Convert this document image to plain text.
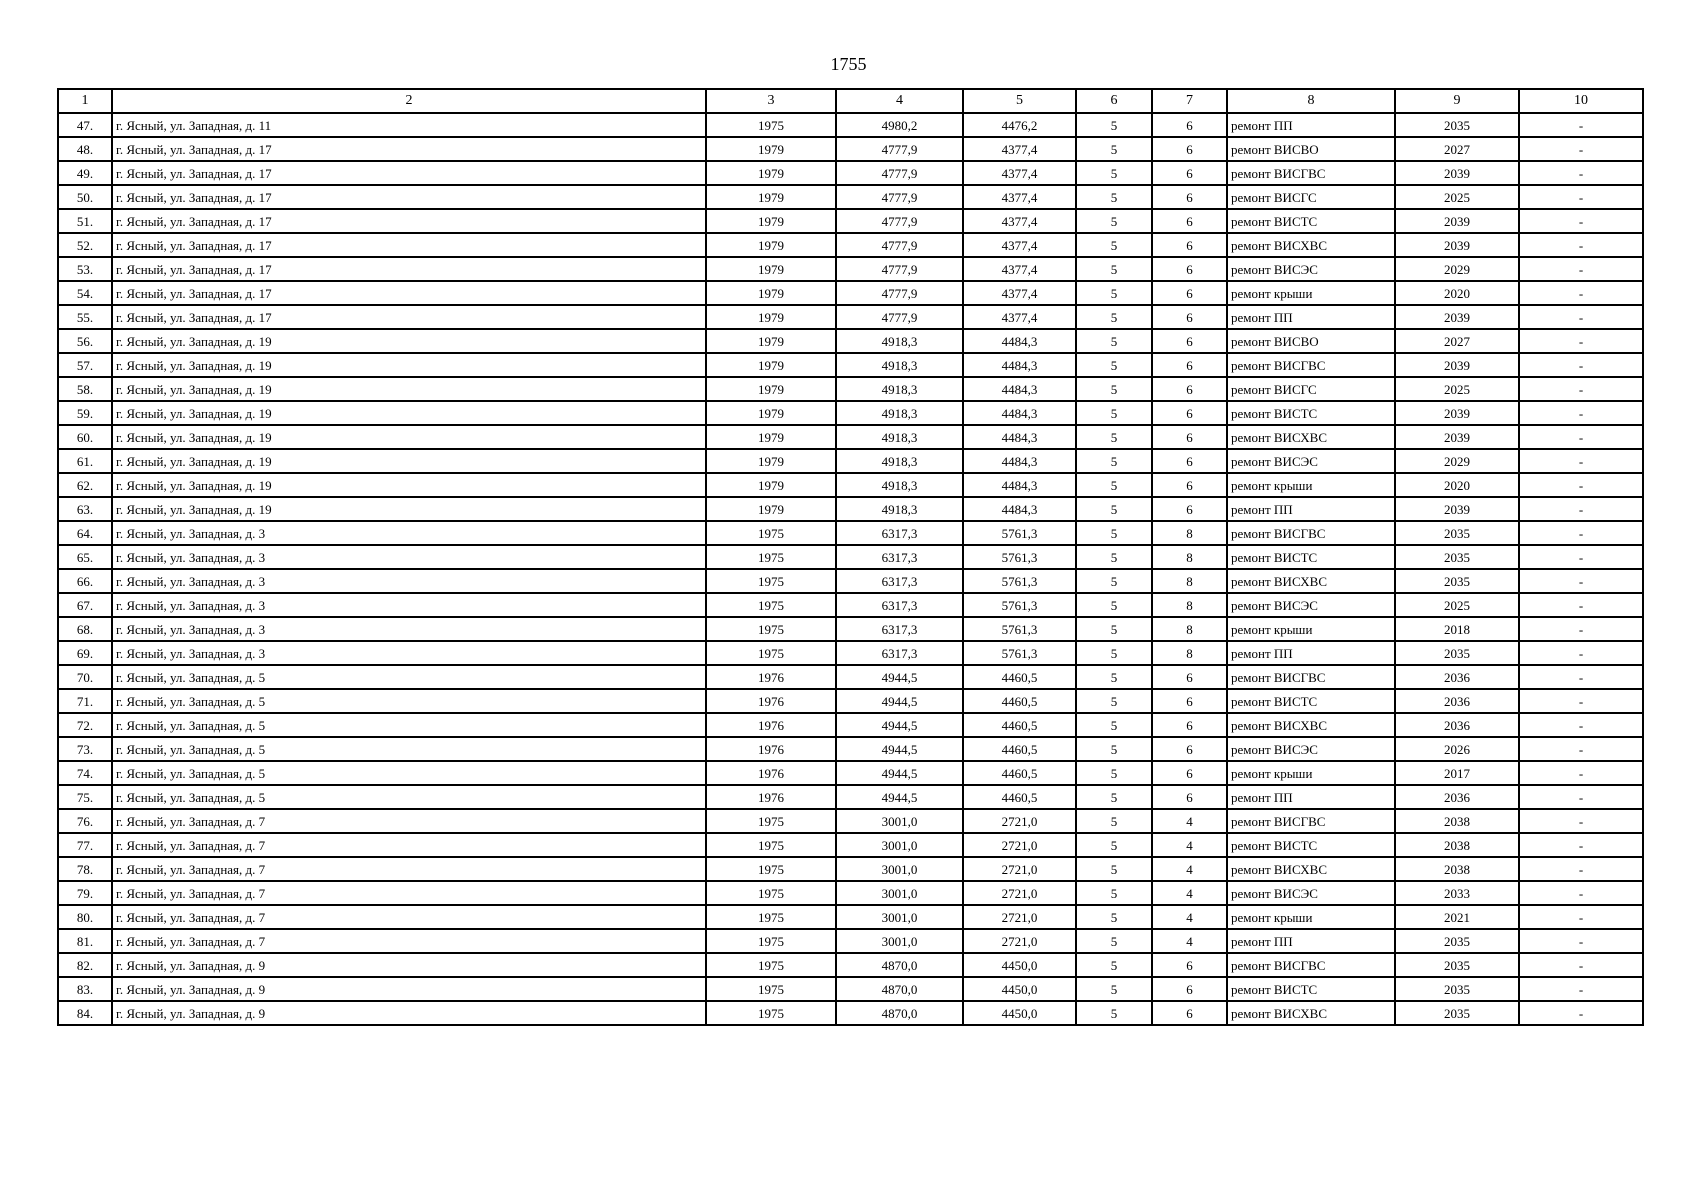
1755
1	2	3	4	5	6	7	8	9	10
47.	г. Ясный, ул. Западная, д. 11	1975	4980,2	4476,2	5	6	ремонт ПП	2035	-
48.	г. Ясный, ул. Западная, д. 17	1979	4777,9	4377,4	5	6	ремонт ВИСВО	2027	-
49.	г. Ясный, ул. Западная, д. 17	1979	4777,9	4377,4	5	6	ремонт ВИСГВС	2039	-
50.	г. Ясный, ул. Западная, д. 17	1979	4777,9	4377,4	5	6	ремонт ВИСГС	2025	-
51.	г. Ясный, ул. Западная, д. 17	1979	4777,9	4377,4	5	6	ремонт ВИСТС	2039	-
52.	г. Ясный, ул. Западная, д. 17	1979	4777,9	4377,4	5	6	ремонт ВИСХВС	2039	-
53.	г. Ясный, ул. Западная, д. 17	1979	4777,9	4377,4	5	6	ремонт ВИСЭС	2029	-
54.	г. Ясный, ул. Западная, д. 17	1979	4777,9	4377,4	5	6	ремонт крыши	2020	-
55.	г. Ясный, ул. Западная, д. 17	1979	4777,9	4377,4	5	6	ремонт ПП	2039	-
56.	г. Ясный, ул. Западная, д. 19	1979	4918,3	4484,3	5	6	ремонт ВИСВО	2027	-
57.	г. Ясный, ул. Западная, д. 19	1979	4918,3	4484,3	5	6	ремонт ВИСГВС	2039	-
58.	г. Ясный, ул. Западная, д. 19	1979	4918,3	4484,3	5	6	ремонт ВИСГС	2025	-
59.	г. Ясный, ул. Западная, д. 19	1979	4918,3	4484,3	5	6	ремонт ВИСТС	2039	-
60.	г. Ясный, ул. Западная, д. 19	1979	4918,3	4484,3	5	6	ремонт ВИСХВС	2039	-
61.	г. Ясный, ул. Западная, д. 19	1979	4918,3	4484,3	5	6	ремонт ВИСЭС	2029	-
62.	г. Ясный, ул. Западная, д. 19	1979	4918,3	4484,3	5	6	ремонт крыши	2020	-
63.	г. Ясный, ул. Западная, д. 19	1979	4918,3	4484,3	5	6	ремонт ПП	2039	-
64.	г. Ясный, ул. Западная, д. 3	1975	6317,3	5761,3	5	8	ремонт ВИСГВС	2035	-
65.	г. Ясный, ул. Западная, д. 3	1975	6317,3	5761,3	5	8	ремонт ВИСТС	2035	-
66.	г. Ясный, ул. Западная, д. 3	1975	6317,3	5761,3	5	8	ремонт ВИСХВС	2035	-
67.	г. Ясный, ул. Западная, д. 3	1975	6317,3	5761,3	5	8	ремонт ВИСЭС	2025	-
68.	г. Ясный, ул. Западная, д. 3	1975	6317,3	5761,3	5	8	ремонт крыши	2018	-
69.	г. Ясный, ул. Западная, д. 3	1975	6317,3	5761,3	5	8	ремонт ПП	2035	-
70.	г. Ясный, ул. Западная, д. 5	1976	4944,5	4460,5	5	6	ремонт ВИСГВС	2036	-
71.	г. Ясный, ул. Западная, д. 5	1976	4944,5	4460,5	5	6	ремонт ВИСТС	2036	-
72.	г. Ясный, ул. Западная, д. 5	1976	4944,5	4460,5	5	6	ремонт ВИСХВС	2036	-
73.	г. Ясный, ул. Западная, д. 5	1976	4944,5	4460,5	5	6	ремонт ВИСЭС	2026	-
74.	г. Ясный, ул. Западная, д. 5	1976	4944,5	4460,5	5	6	ремонт крыши	2017	-
75.	г. Ясный, ул. Западная, д. 5	1976	4944,5	4460,5	5	6	ремонт ПП	2036	-
76.	г. Ясный, ул. Западная, д. 7	1975	3001,0	2721,0	5	4	ремонт ВИСГВС	2038	-
77.	г. Ясный, ул. Западная, д. 7	1975	3001,0	2721,0	5	4	ремонт ВИСТС	2038	-
78.	г. Ясный, ул. Западная, д. 7	1975	3001,0	2721,0	5	4	ремонт ВИСХВС	2038	-
79.	г. Ясный, ул. Западная, д. 7	1975	3001,0	2721,0	5	4	ремонт ВИСЭС	2033	-
80.	г. Ясный, ул. Западная, д. 7	1975	3001,0	2721,0	5	4	ремонт крыши	2021	-
81.	г. Ясный, ул. Западная, д. 7	1975	3001,0	2721,0	5	4	ремонт ПП	2035	-
82.	г. Ясный, ул. Западная, д. 9	1975	4870,0	4450,0	5	6	ремонт ВИСГВС	2035	-
83.	г. Ясный, ул. Западная, д. 9	1975	4870,0	4450,0	5	6	ремонт ВИСТС	2035	-
84.	г. Ясный, ул. Западная, д. 9	1975	4870,0	4450,0	5	6	ремонт ВИСХВС	2035	-
